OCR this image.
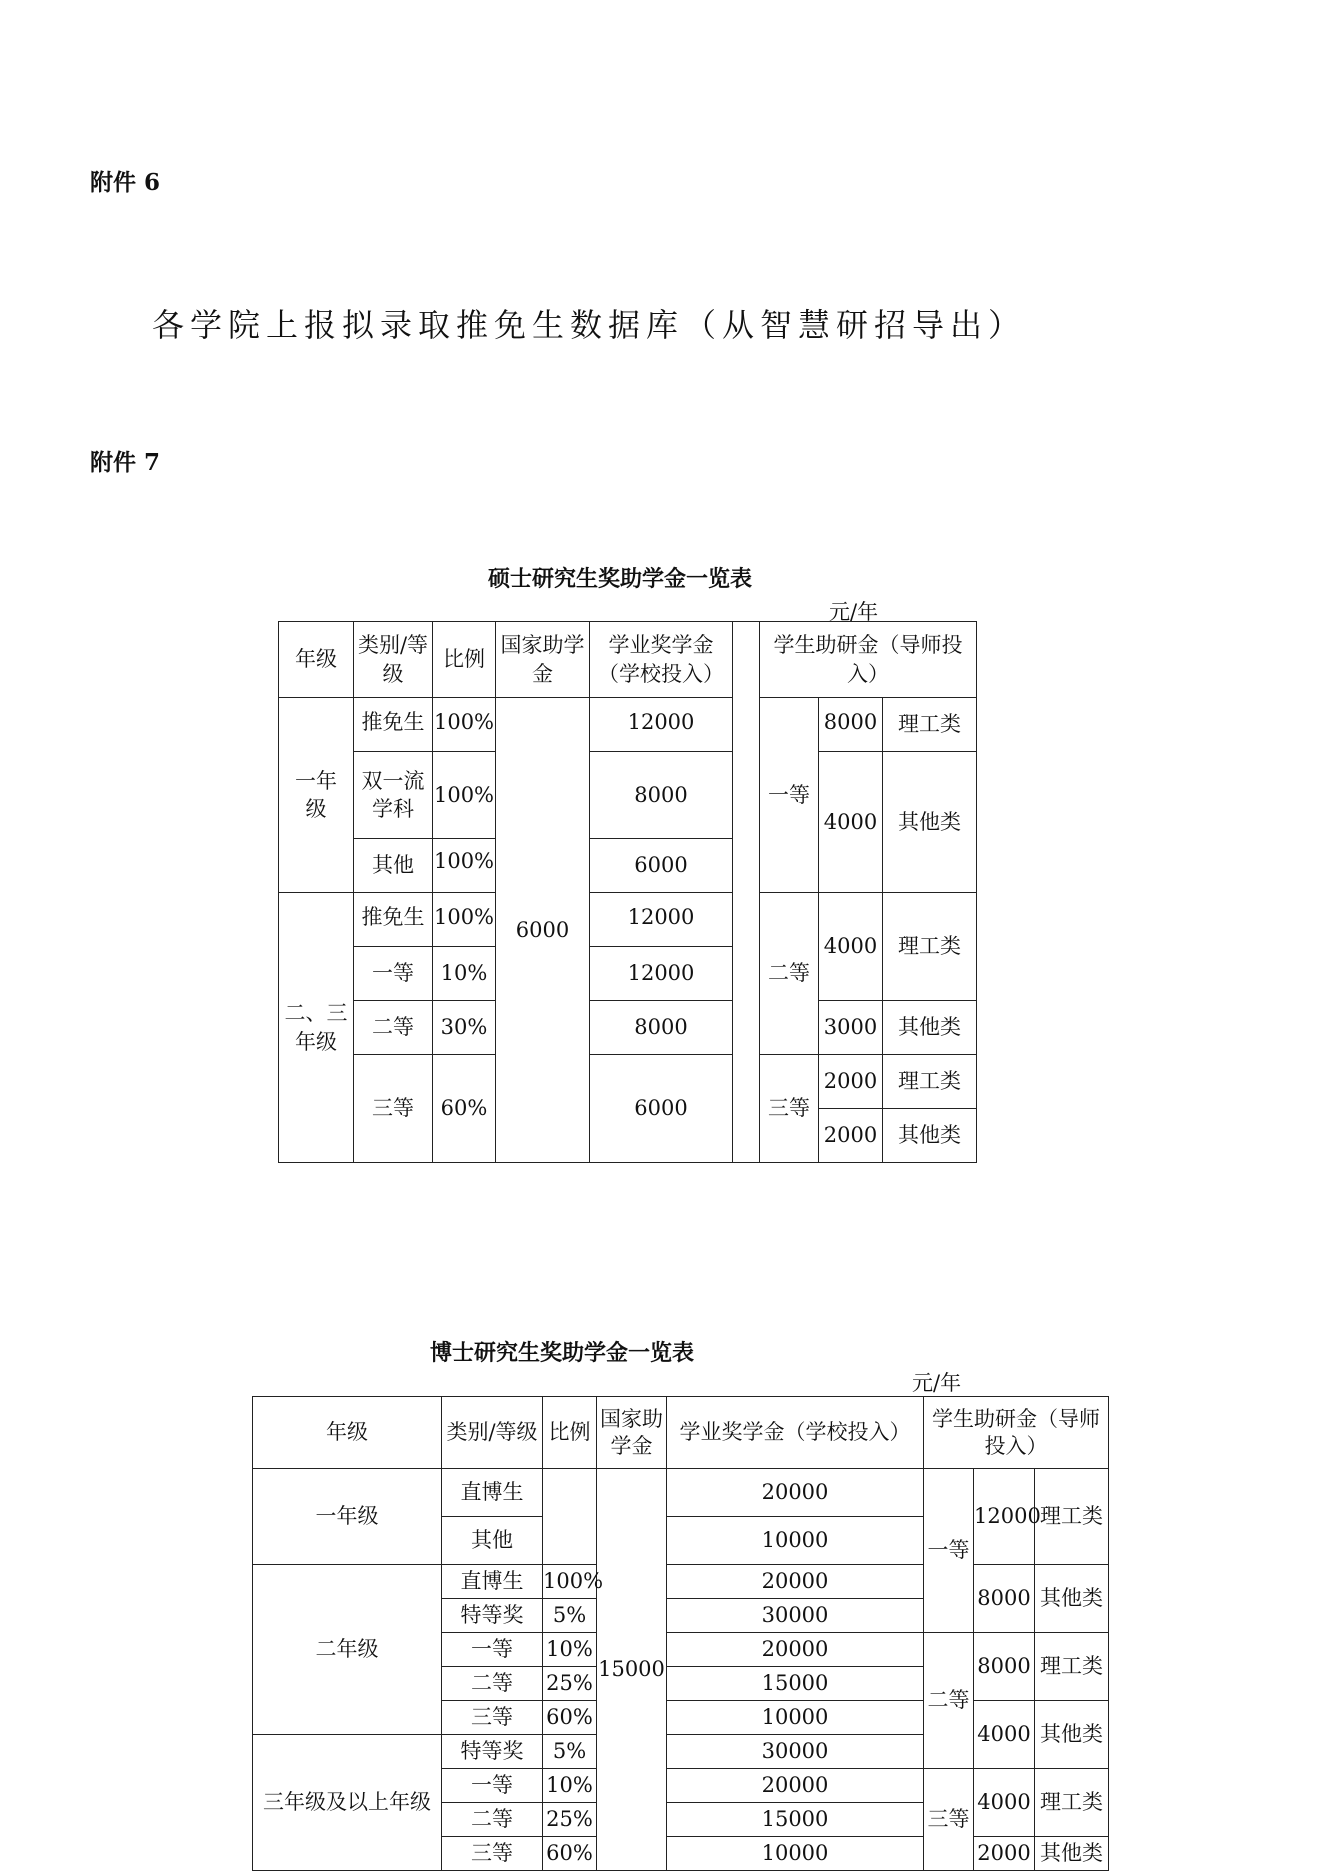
附件 6
各学院上报拟录取推免生数据库（从智慧研招导出）
附件 7
硕士研究生奖助学金一览表
元/年
年级	类别/等级	比例	国家助学金	学业奖学金（学校投入）		学生助研金（导师投入）		
一年级	推免生	100%	6000	12000		一等	8000	理工类
	双一流学科	100%		8000			4000	其他类
	其他	100%		6000				
二、三年级	推免生	100%		12000		二等	4000	理工类
	一等	10%		12000				
	二等	30%		8000			3000	其他类
	三等	60%		6000		三等	2000	理工类

							2000	其他类
博士研究生奖助学金一览表
元/年
年级	类别/等级	比例	国家助学金	学业奖学金（学校投入）	学生助研金（导师投入）		
一年级	直博生		15000	20000	一等	12000	理工类
	其他			10000			
二年级	直博生	100%		20000		8000	其他类
	特等奖	5%		30000			
	一等	10%		20000	二等	8000	理工类
	二等	25%		15000			
	三等	60%		10000		4000	其他类
三年级及以上年级	特等奖	5%		30000			
	一等	10%		20000	三等	4000	理工类
	二等	25%		15000			
	三等	60%		10000		2000	其他类
